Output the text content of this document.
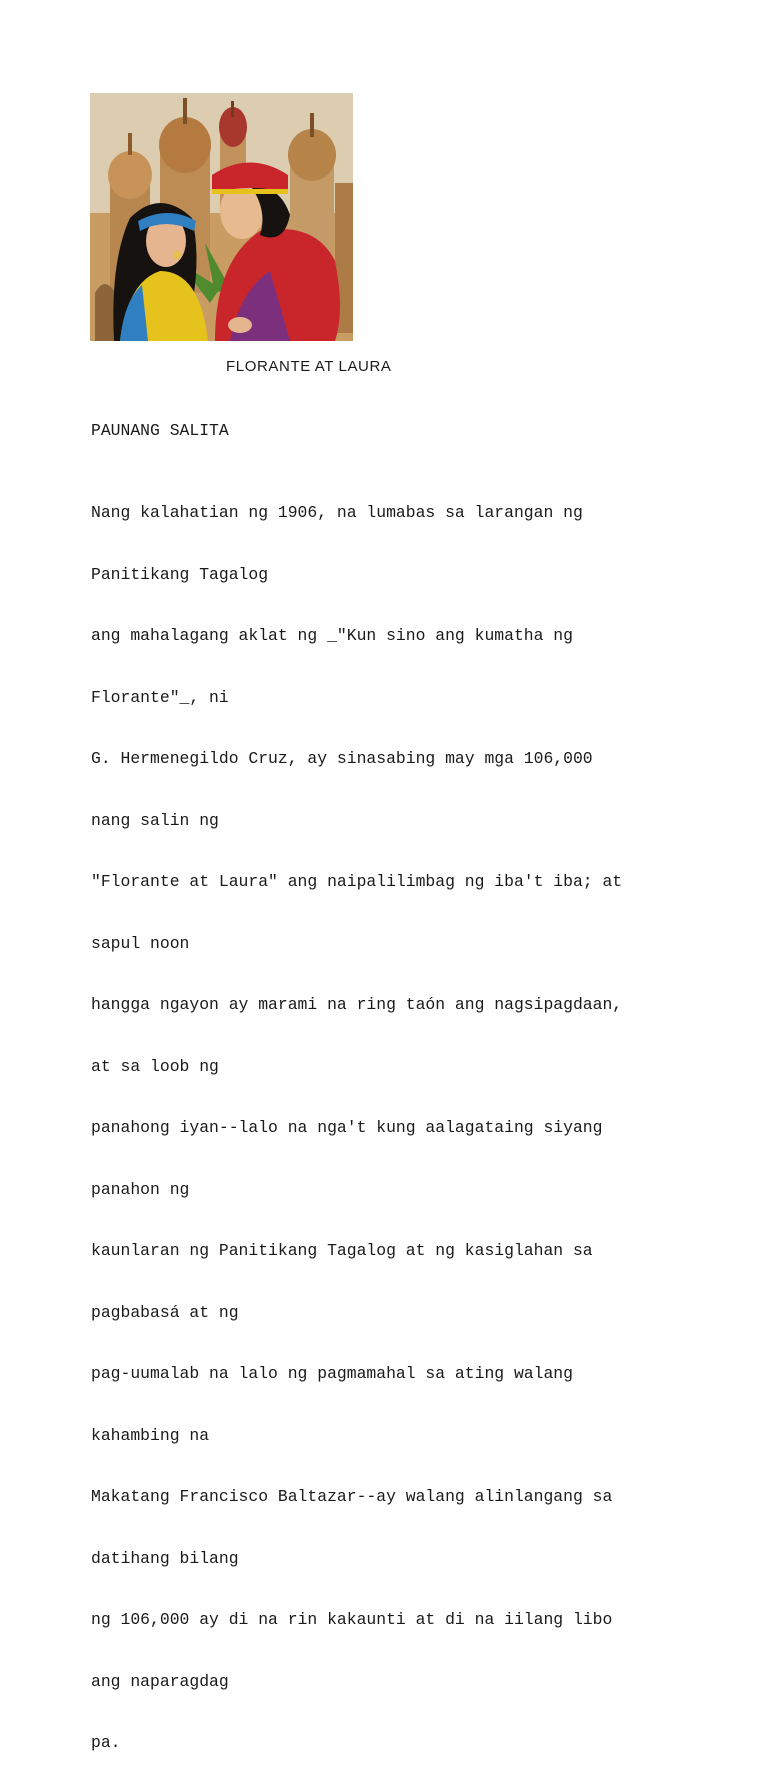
FLORANTE AT LAURA
PAUNANG SALITA

Nang kalahatian ng 1906, na lumabas sa larangan ng

Panitikang Tagalog

ang mahalagang aklat ng _"Kun sino ang kumatha ng

Florante"_, ni

G. Hermenegildo Cruz, ay sinasabing may mga 106,000

nang salin ng

"Florante at Laura" ang naipalilimbag ng iba't iba; at

sapul noon

hangga ngayon ay marami na ring taón ang nagsipagdaan,

at sa loob ng

panahong iyan--lalo na nga't kung aalagataing siyang

panahon ng

kaunlaran ng Panitikang Tagalog at ng kasiglahan sa

pagbabasá at ng

pag-uumalab na lalo ng pagmamahal sa ating walang

kahambing na

Makatang Francisco Baltazar--ay walang alinlangang sa

datihang bilang

ng 106,000 ay di na rin kakaunti at di na iilang libo

ang naparagdag

pa.
